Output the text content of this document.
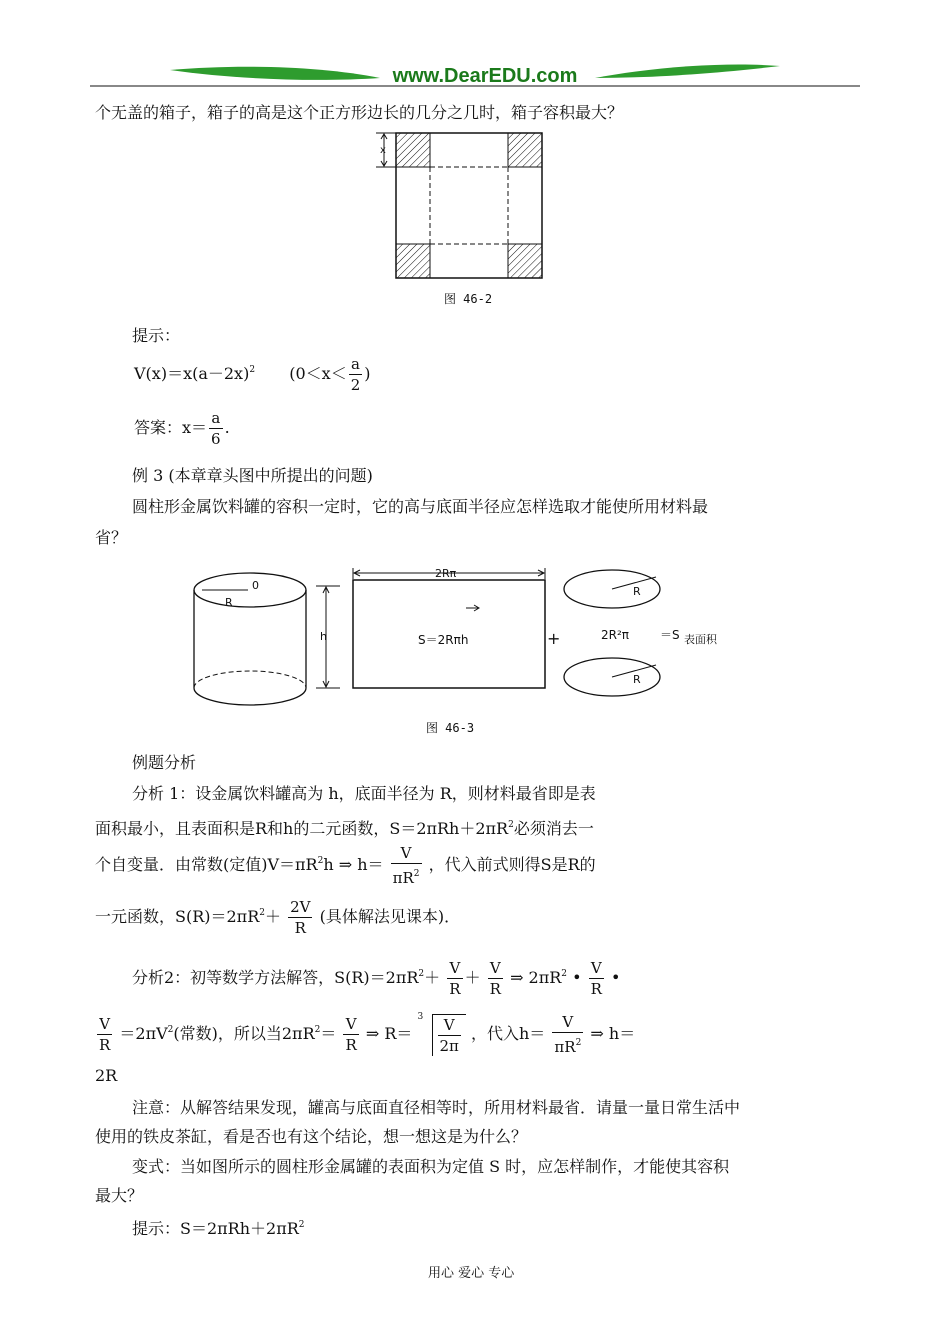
www.DearEDU.com
个无盖的箱子，箱子的高是这个正方形边长的几分之几时，箱子容积最大？
x
图 46-2
提示：
$V(x)=x(a-2x)^2$ ($0<x< \frac{a}{2}$ )
答案：$x= \frac{a}{6}$ .
例 3 (本章章头图中所提出的问题)
圆柱形金属饮料罐的容积一定时，它的高与底面半径应怎样选取才能使所用材料最
省？
R
0
h
2Rπ
S＝2Rπh	+
R
R
2R²π	＝S 表面积
图 46-3
例题分析
分析 1：设金属饮料罐高为 h，底面半径为 R，则材料最省即是表
面积最小，且表面积是R和h的二元函数，$S=2\pi Rh+2\pi R^2$必须消去一
个自变量．由常数(定值)$V=\pi R^2h$ ⇒ $h= \frac{V}{\pi R^2}$ ，代入前式则得S是R的
一元函数，$S(R)=2\pi R^2+ \frac{2V}{R}$ (具体解法见课本)．
分析2：初等数学方法解答，$S(R)=2\pi R^2+ \frac{V}{R} + \frac{V}{R}$ ⇒ $2\pi R^2$ • $\frac{V}{R}$ •
$\frac{V}{R} =2\pi V^2$(常数)，所以当$2\pi R^2= \frac{V}{R}$ ⇒ R＝
$3 \frac{V}{2\pi}$ ，代入$h= \frac{V}{\pi R^2}$ ⇒ h＝
2R
注意：从解答结果发现，罐高与底面直径相等时，所用材料最省．请量一量日常生活中
使用的铁皮茶缸，看是否也有这个结论，想一想这是为什么？
变式：当如图所示的圆柱形金属罐的表面积为定值 S 时，应怎样制作，才能使其容积
最大？
提示：$S=2\pi Rh+2\pi R^2$
用心 爱心 专心
